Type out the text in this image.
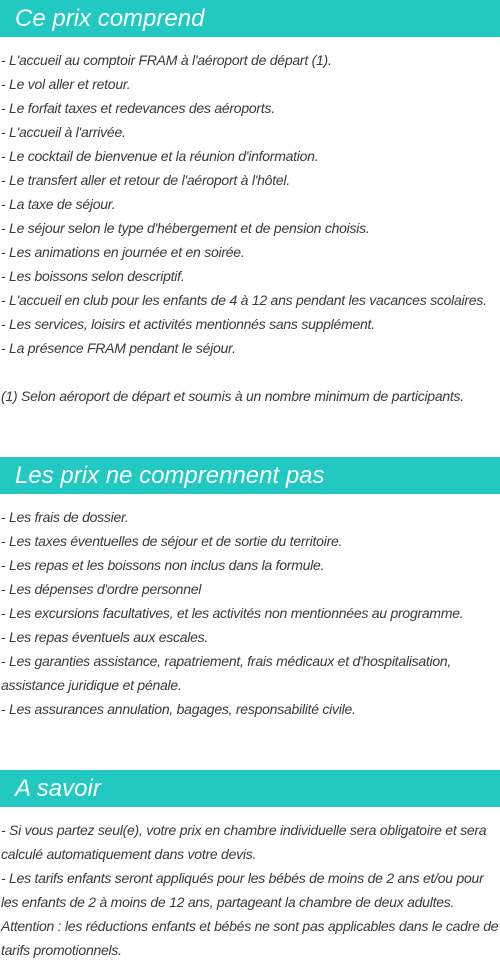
Ce prix comprend
- L'accueil au comptoir FRAM à l'aéroport de départ (1).
- Le vol aller et retour.
- Le forfait taxes et redevances des aéroports.
- L'accueil à l'arrivée.
- Le cocktail de bienvenue et la réunion d'information.
- Le transfert aller et retour de l'aéroport à l'hôtel.
- La taxe de séjour.
- Le séjour selon le type d'hébergement et de pension choisis.
- Les animations en journée et en soirée.
- Les boissons selon descriptif.
- L'accueil en club pour les enfants de 4 à 12 ans pendant les vacances scolaires.
- Les services, loisirs et activités mentionnés sans supplément.
- La présence FRAM pendant le séjour.
(1) Selon aéroport de départ et soumis à un nombre minimum de participants.
Les prix ne comprennent pas
- Les frais de dossier.
- Les taxes éventuelles de séjour et de sortie du territoire.
- Les repas et les boissons non inclus dans la formule.
- Les dépenses d'ordre personnel
- Les excursions facultatives, et les activités non mentionnées au programme.
- Les repas éventuels aux escales.
- Les garanties assistance, rapatriement, frais médicaux et d'hospitalisation, assistance juridique et pénale.
- Les assurances annulation, bagages, responsabilité civile.
A savoir
- Si vous partez seul(e), votre prix en chambre individuelle sera obligatoire et sera calculé automatiquement dans votre devis.
- Les tarifs enfants seront appliqués pour les bébés de moins de 2 ans et/ou pour les enfants de 2 à moins de 12 ans, partageant la chambre de deux adultes. Attention : les réductions enfants et bébés ne sont pas applicables dans le cadre de tarifs promotionnels.
